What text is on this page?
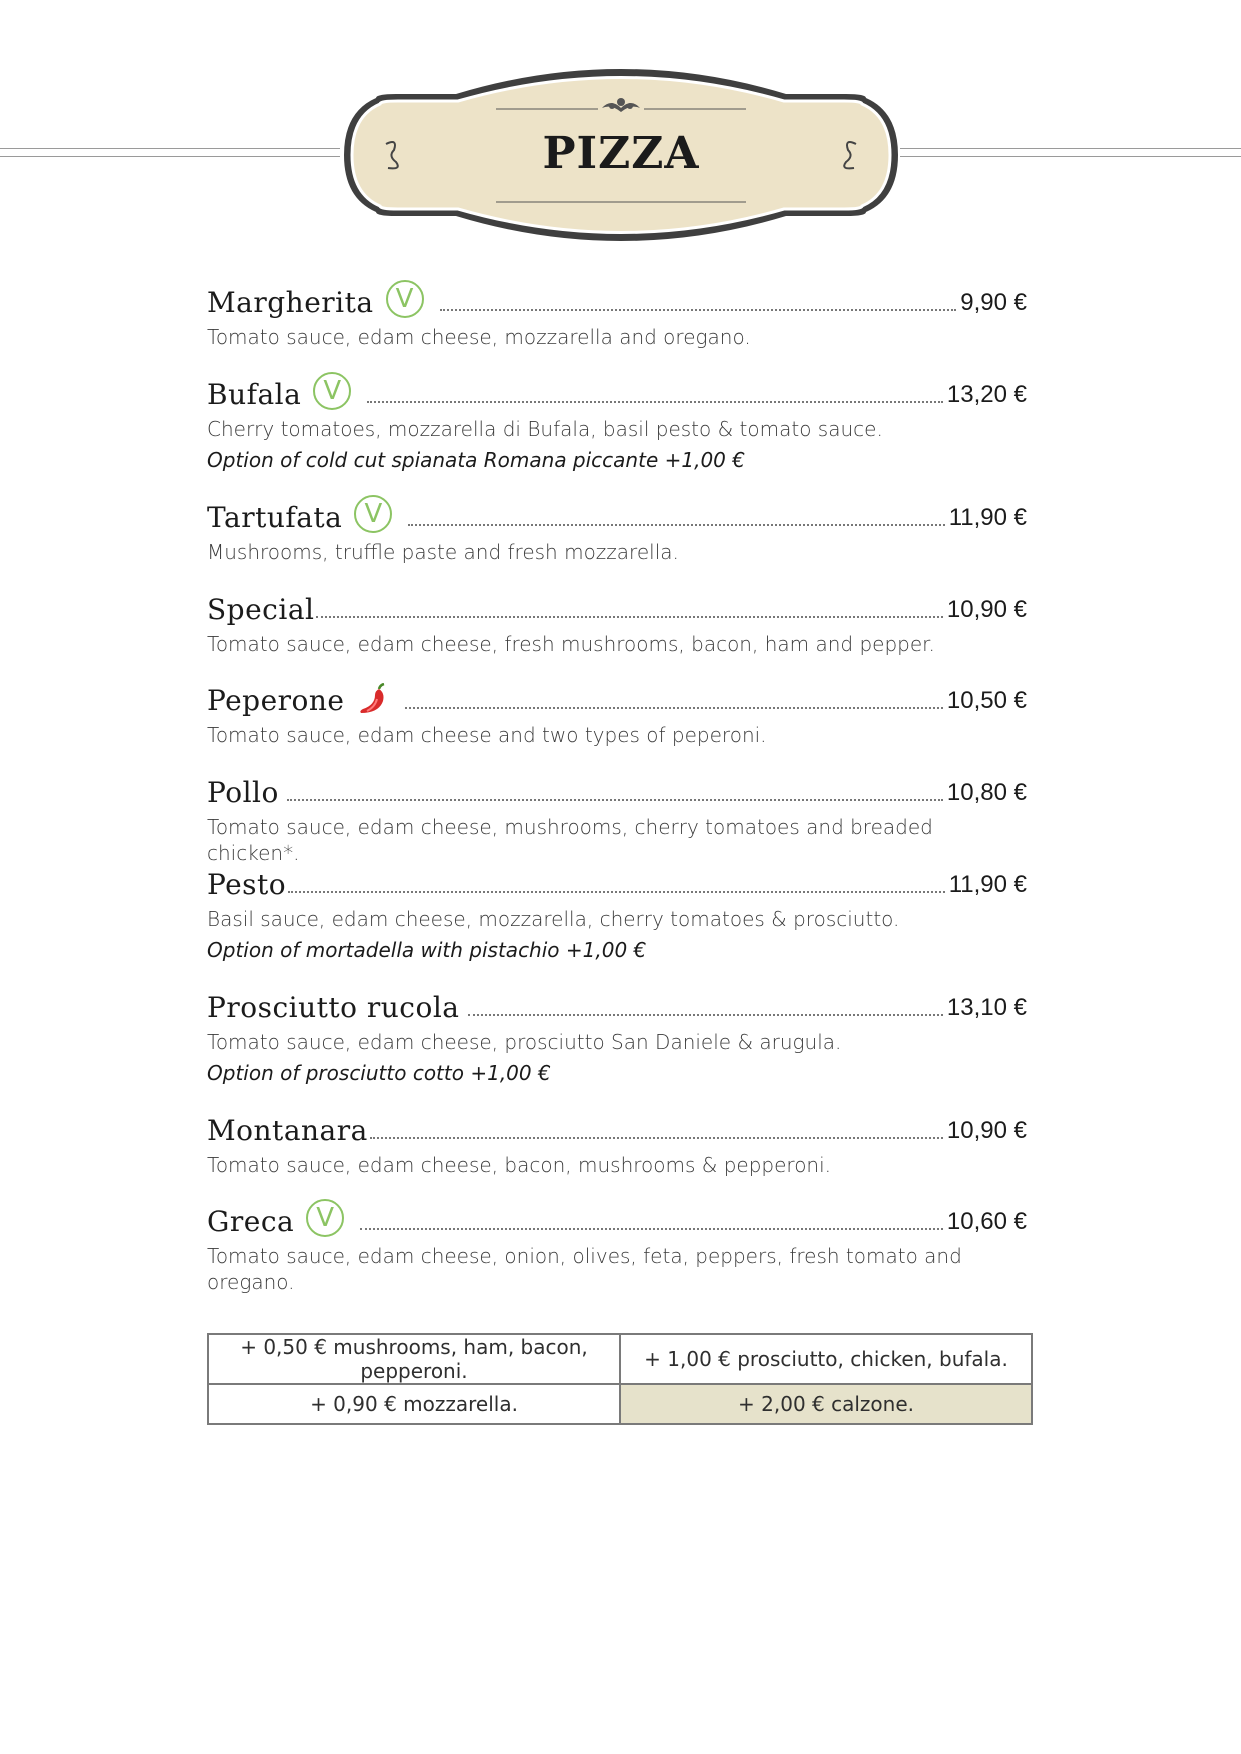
PIZZA
Margherita V	9,90 €
Tomato sauce, edam cheese, mozzarella and oregano.
Bufala V	13,20 €
Cherry tomatoes, mozzarella di Bufala, basil pesto & tomato sauce.
Option of cold cut spianata Romana piccante +1,00 €
Tartufata V	11,90 €
Mushrooms, truffle paste and fresh mozzarella.
Special	10,90 €
Tomato sauce, edam cheese, fresh mushrooms, bacon, ham and pepper.
Peperone	10,50 €
Tomato sauce, edam cheese and two types of peperoni.
Pollo	10,80 €
Tomato sauce, edam cheese, mushrooms, cherry tomatoes and breaded chicken*.
Pesto	11,90 €
Basil sauce, edam cheese, mozzarella, cherry tomatoes & prosciutto.
Option of mortadella with pistachio +1,00 €
Prosciutto rucola	13,10 €
Tomato sauce, edam cheese, prosciutto San Daniele & arugula.
Option of prosciutto cotto +1,00 €
Montanara	10,90 €
Tomato sauce, edam cheese, bacon, mushrooms & pepperoni.
Greca V	10,60 €
Tomato sauce, edam cheese, onion, olives, feta, peppers, fresh tomato and oregano.
+ 0,50 € mushrooms, ham, bacon, pepperoni.	+ 1,00 € prosciutto, chicken, bufala.
+ 0,90 € mozzarella.	+ 2,00 € calzone.
